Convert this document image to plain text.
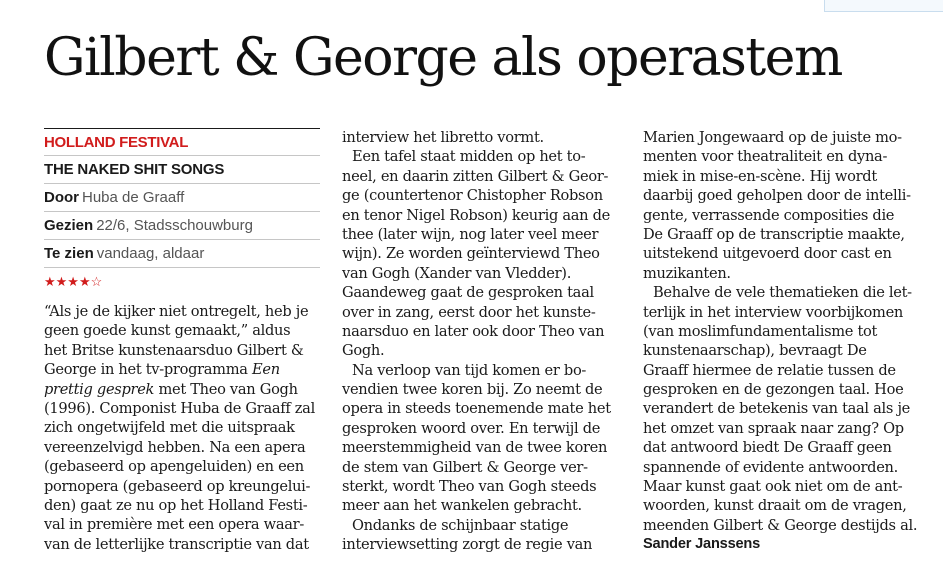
Gilbert & George als operastem
HOLLAND FESTIVAL
THE NAKED SHIT SONGS
Door Huba de Graaff
Gezien 22/6, Stadsschouwburg
Te zien vandaag, aldaar
★★★★☆
“Als je de kijker niet ontregelt, heb je
geen goede kunst gemaakt,” aldus
het Britse kunstenaarsduo Gilbert &
George in het tv-programma Een
prettig gesprek met Theo van Gogh
(1996). Componist Huba de Graaff zal
zich ongetwijfeld met die uitspraak
vereenzelvigd hebben. Na een apera
(gebaseerd op apengeluiden) en een
pornopera (gebaseerd op kreungelui-
den) gaat ze nu op het Holland Festi-
val in première met een opera waar-
van de letterlijke transcriptie van dat
interview het libretto vormt.
Een tafel staat midden op het to-
neel, en daarin zitten Gilbert & Geor-
ge (countertenor Chistopher Robson
en tenor Nigel Robson) keurig aan de
thee (later wijn, nog later veel meer
wijn). Ze worden geïnterviewd Theo
van Gogh (Xander van Vledder).
Gaandeweg gaat de gesproken taal
over in zang, eerst door het kunste-
naarsduo en later ook door Theo van
Gogh.
Na verloop van tijd komen er bo-
vendien twee koren bij. Zo neemt de
opera in steeds toenemende mate het
gesproken woord over. En terwijl de
meerstemmigheid van de twee koren
de stem van Gilbert & George ver-
sterkt, wordt Theo van Gogh steeds
meer aan het wankelen gebracht.
Ondanks de schijnbaar statige
interviewsetting zorgt de regie van
Marien Jongewaard op de juiste mo-
menten voor theatraliteit en dyna-
miek in mise-en-scène. Hij wordt
daarbij goed geholpen door de intelli-
gente, verrassende composities die
De Graaff op de transcriptie maakte,
uitstekend uitgevoerd door cast en
muzikanten.
Behalve de vele thematieken die let-
terlijk in het interview voorbijkomen
(van moslimfundamentalisme tot
kunstenaarschap), bevraagt De
Graaff hiermee de relatie tussen de
gesproken en de gezongen taal. Hoe
verandert de betekenis van taal als je
het omzet van spraak naar zang? Op
dat antwoord biedt De Graaff geen
spannende of evidente antwoorden.
Maar kunst gaat ook niet om de ant-
woorden, kunst draait om de vragen,
meenden Gilbert & George destijds al.
Sander Janssens
